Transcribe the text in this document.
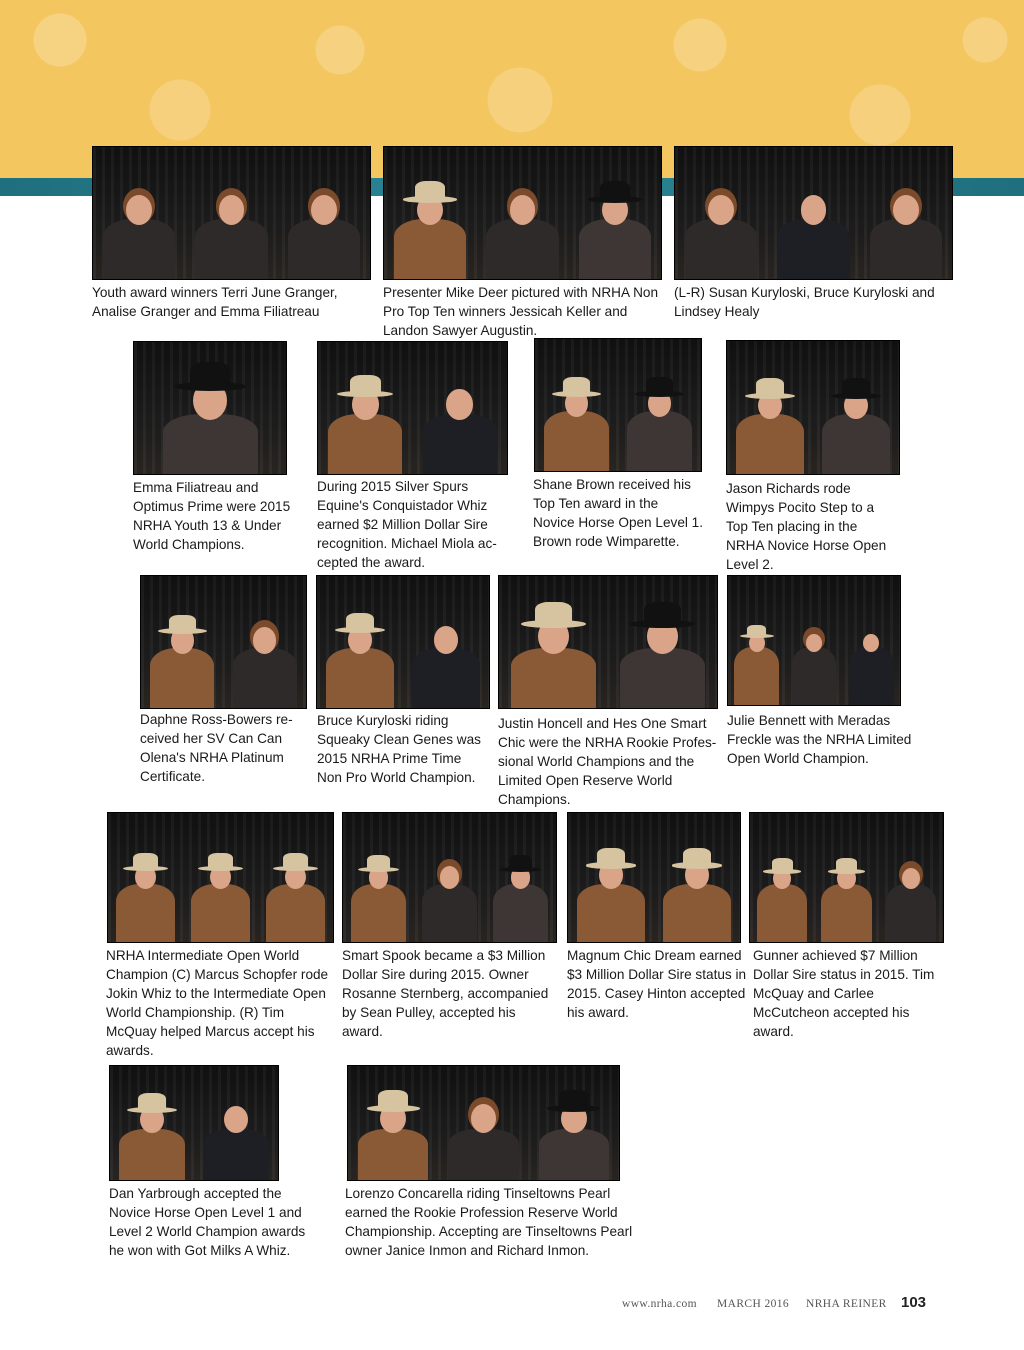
Youth award winners Terri June Granger, Analise Granger and Emma Filiatreau

Presenter Mike Deer pictured with NRHA Non Pro Top Ten winners Jessicah Keller and Landon Sawyer Augustin.

(L-R) Susan Kuryloski, Bruce Kuryloski and Lindsey Healy

Emma Filiatreau and Optimus Prime were 2015 NRHA Youth 13 & Under World Champions.

During 2015 Silver Spurs Equine's Conquistador Whiz earned $2 Million Dollar Sire recognition. Michael Miola ac-cepted the award.

Shane Brown received his Top Ten award in the Novice Horse Open Level 1. Brown rode Wimparette.

Jason Richards rode Wimpys Pocito Step to a Top Ten placing in the NRHA Novice Horse Open Level 2.

Daphne Ross-Bowers re-ceived her SV Can Can Olena's NRHA Platinum Certificate.

Bruce Kuryloski riding Squeaky Clean Genes was 2015 NRHA Prime Time Non Pro World Champion.

Justin Honcell and Hes One Smart Chic were the NRHA Rookie Profes-sional World Champions and the Limited Open Reserve World Champions.

Julie Bennett with Meradas Freckle was the NRHA Limited Open World Champion.

NRHA Intermediate Open World Champion (C) Marcus Schopfer rode Jokin Whiz to the Intermediate Open World Championship. (R) Tim McQuay helped Marcus accept his awards.

Smart Spook became a $3 Million Dollar Sire during 2015. Owner Rosanne Sternberg, accompanied by Sean Pulley, accepted his award.

Magnum Chic Dream earned $3 Million Dollar Sire status in 2015. Casey Hinton accepted his award.

Gunner achieved $7 Million Dollar Sire status in 2015. Tim McQuay and Carlee McCutcheon accepted his award.

Dan Yarbrough accepted the Novice Horse Open Level 1 and Level 2 World Champion awards he won with Got Milks A Whiz.

Lorenzo Concarella riding Tinseltowns Pearl earned the Rookie Profession Reserve World Championship. Accepting are Tinseltowns Pearl owner Janice Inmon and Richard Inmon.

www.nrha.com MARCH 2016 NRHA REINER 103
